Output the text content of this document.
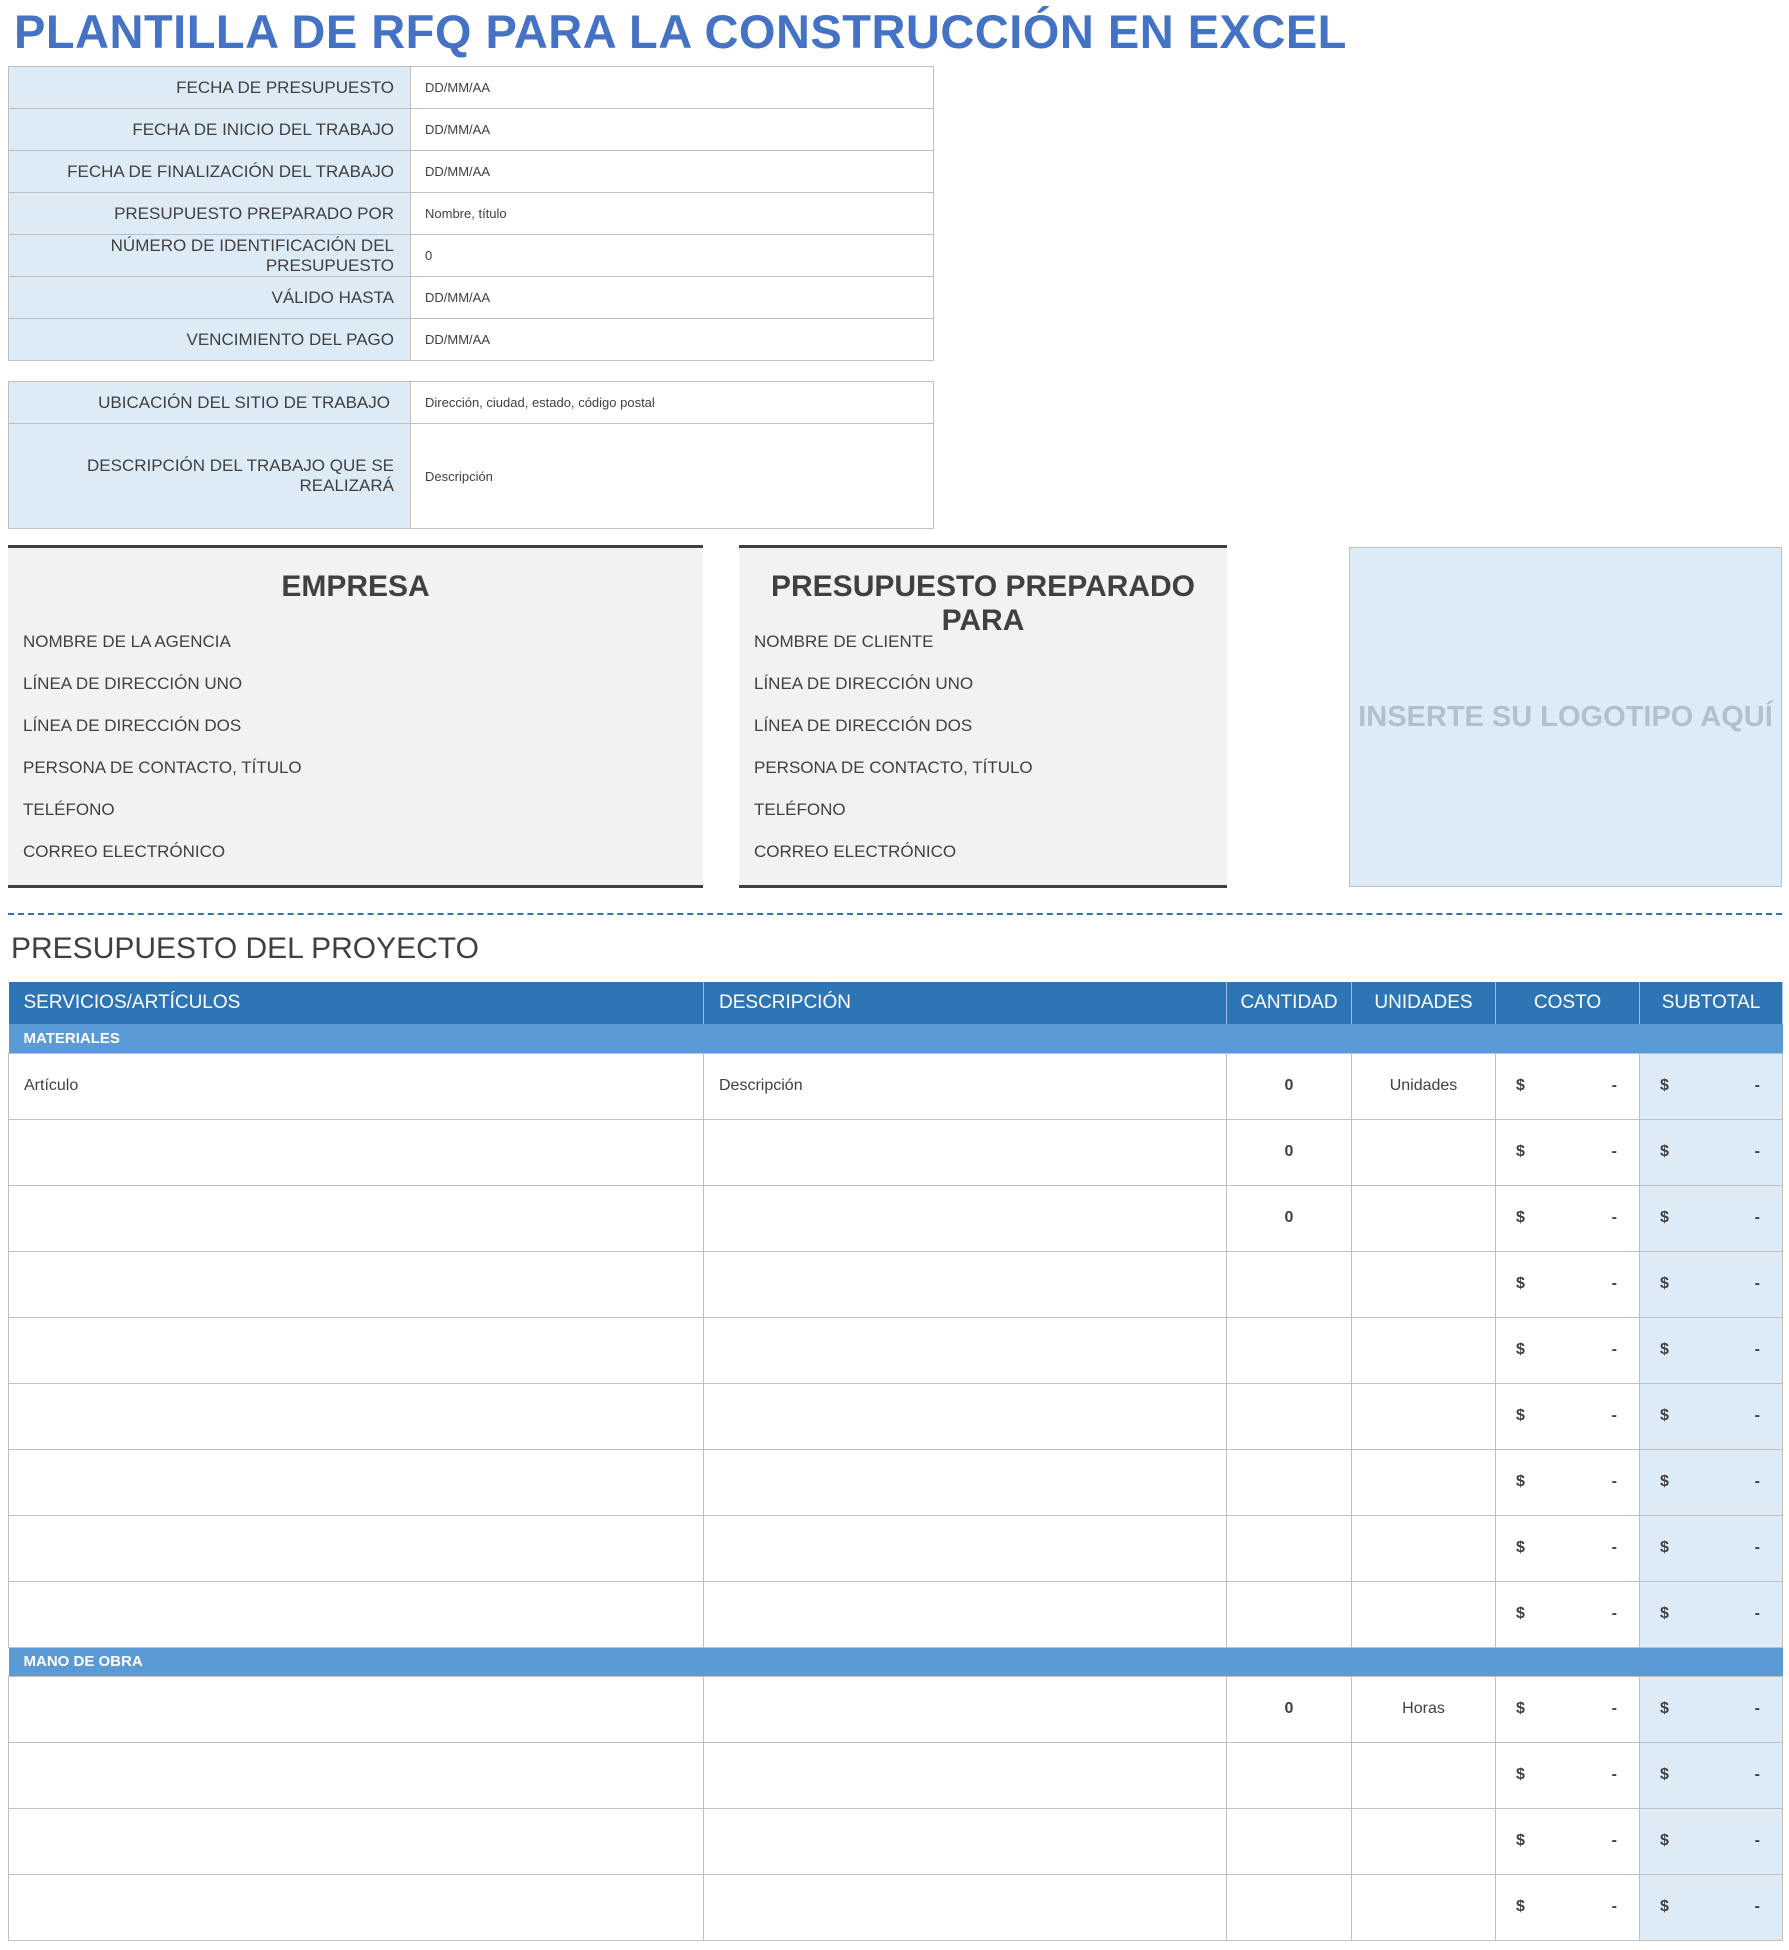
PLANTILLA DE RFQ PARA LA CONSTRUCCIÓN EN EXCEL
FECHA DE PRESUPUESTO	DD/MM/AA
FECHA DE INICIO DEL TRABAJO	DD/MM/AA
FECHA DE FINALIZACIÓN DEL TRABAJO	DD/MM/AA
PRESUPUESTO PREPARADO POR	Nombre, título
NÚMERO DE IDENTIFICACIÓN DEL PRESUPUESTO	0
VÁLIDO HASTA	DD/MM/AA
VENCIMIENTO DEL PAGO	DD/MM/AA
UBICACIÓN DEL SITIO DE TRABAJO	Dirección, ciudad, estado, código postal
DESCRIPCIÓN DEL TRABAJO QUE SE REALIZARÁ	Descripción
EMPRESA
NOMBRE DE LA AGENCIA
LÍNEA DE DIRECCIÓN UNO
LÍNEA DE DIRECCIÓN DOS
PERSONA DE CONTACTO, TÍTULO
TELÉFONO
CORREO ELECTRÓNICO
PRESUPUESTO PREPARADO PARA
NOMBRE DE CLIENTE
LÍNEA DE DIRECCIÓN UNO
LÍNEA DE DIRECCIÓN DOS
PERSONA DE CONTACTO, TÍTULO
TELÉFONO
CORREO ELECTRÓNICO
INSERTE SU LOGOTIPO AQUÍ
PRESUPUESTO DEL PROYECTO
SERVICIOS/ARTÍCULOS	DESCRIPCIÓN	CANTIDAD	UNIDADES	COSTO	SUBTOTAL
MATERIALES					
Artículo	Descripción	0	Unidades	$ -	$ -

		0		$ -	$ -

		0		$ -	$ -

				$ -	$ -

				$ -	$ -

				$ -	$ -

				$ -	$ -

				$ -	$ -

				$ -	$ -

MANO DE OBRA					
		0	Horas	$ -	$ -

				$ -	$ -

				$ -	$ -

				$ -	$ -
